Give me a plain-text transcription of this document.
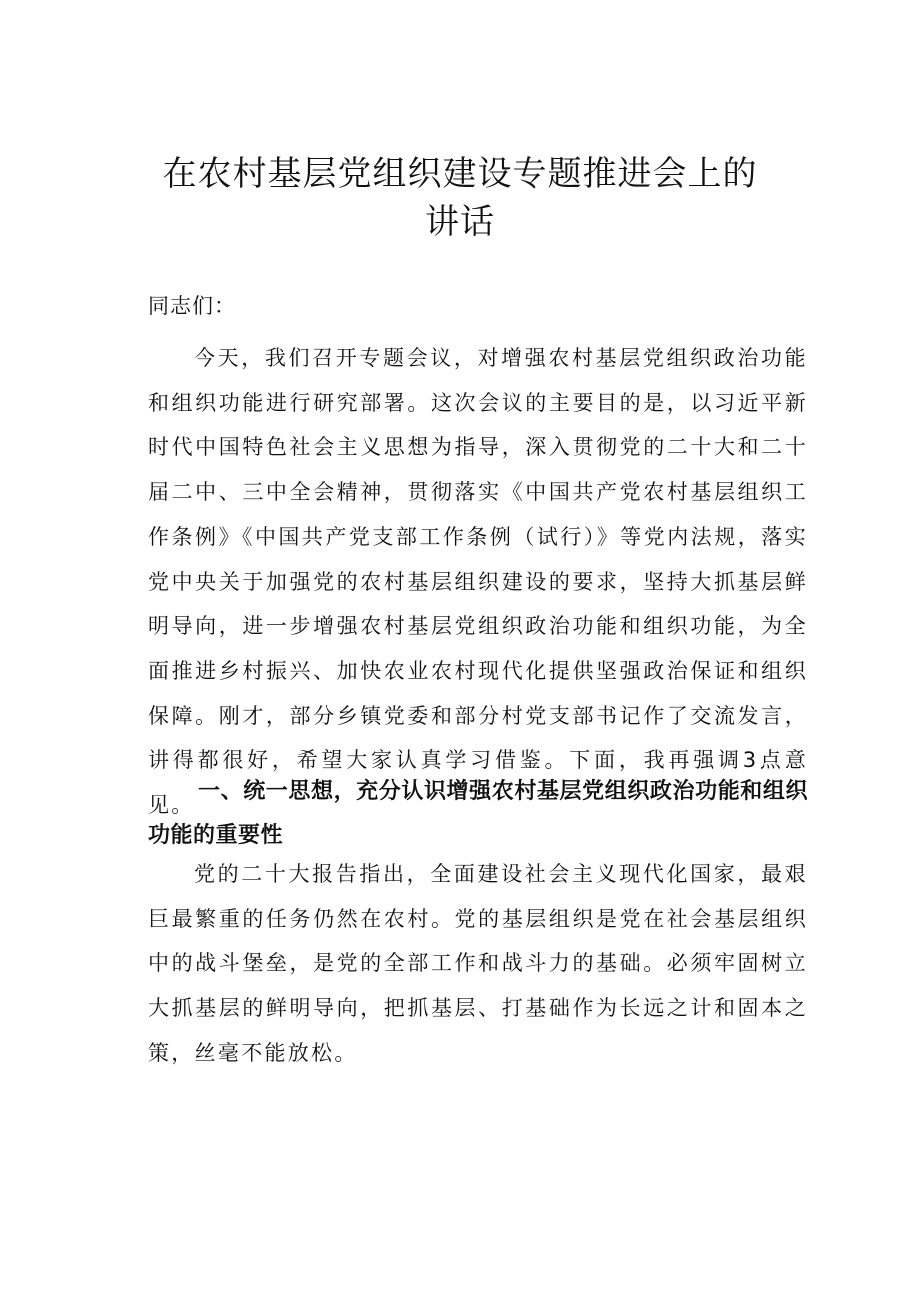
在农村基层党组织建设专题推进会上的
讲话
同志们：

今天，我们召开专题会议，对增强农村基层党组织政治功能和组织功能进行研究部署。这次会议的主要目的是，以习近平新时代中国特色社会主义思想为指导，深入贯彻党的二十大和二十届二中、三中全会精神，贯彻落实《中国共产党农村基层组织工作条例》《中国共产党支部工作条例（试行）》等党内法规，落实党中央关于加强党的农村基层组织建设的要求，坚持大抓基层鲜明导向，进一步增强农村基层党组织政治功能和组织功能，为全面推进乡村振兴、加快农业农村现代化提供坚强政治保证和组织保障。刚才，部分乡镇党委和部分村党支部书记作了交流发言，讲得都很好，希望大家认真学习借鉴。下面，我再强调3点意见。

一、统一思想，充分认识增强农村基层党组织政治功能和组织功能的重要性

党的二十大报告指出，全面建设社会主义现代化国家，最艰巨最繁重的任务仍然在农村。党的基层组织是党在社会基层组织中的战斗堡垒，是党的全部工作和战斗力的基础。必须牢固树立大抓基层的鲜明导向，把抓基层、打基础作为长远之计和固本之策，丝毫不能放松。
